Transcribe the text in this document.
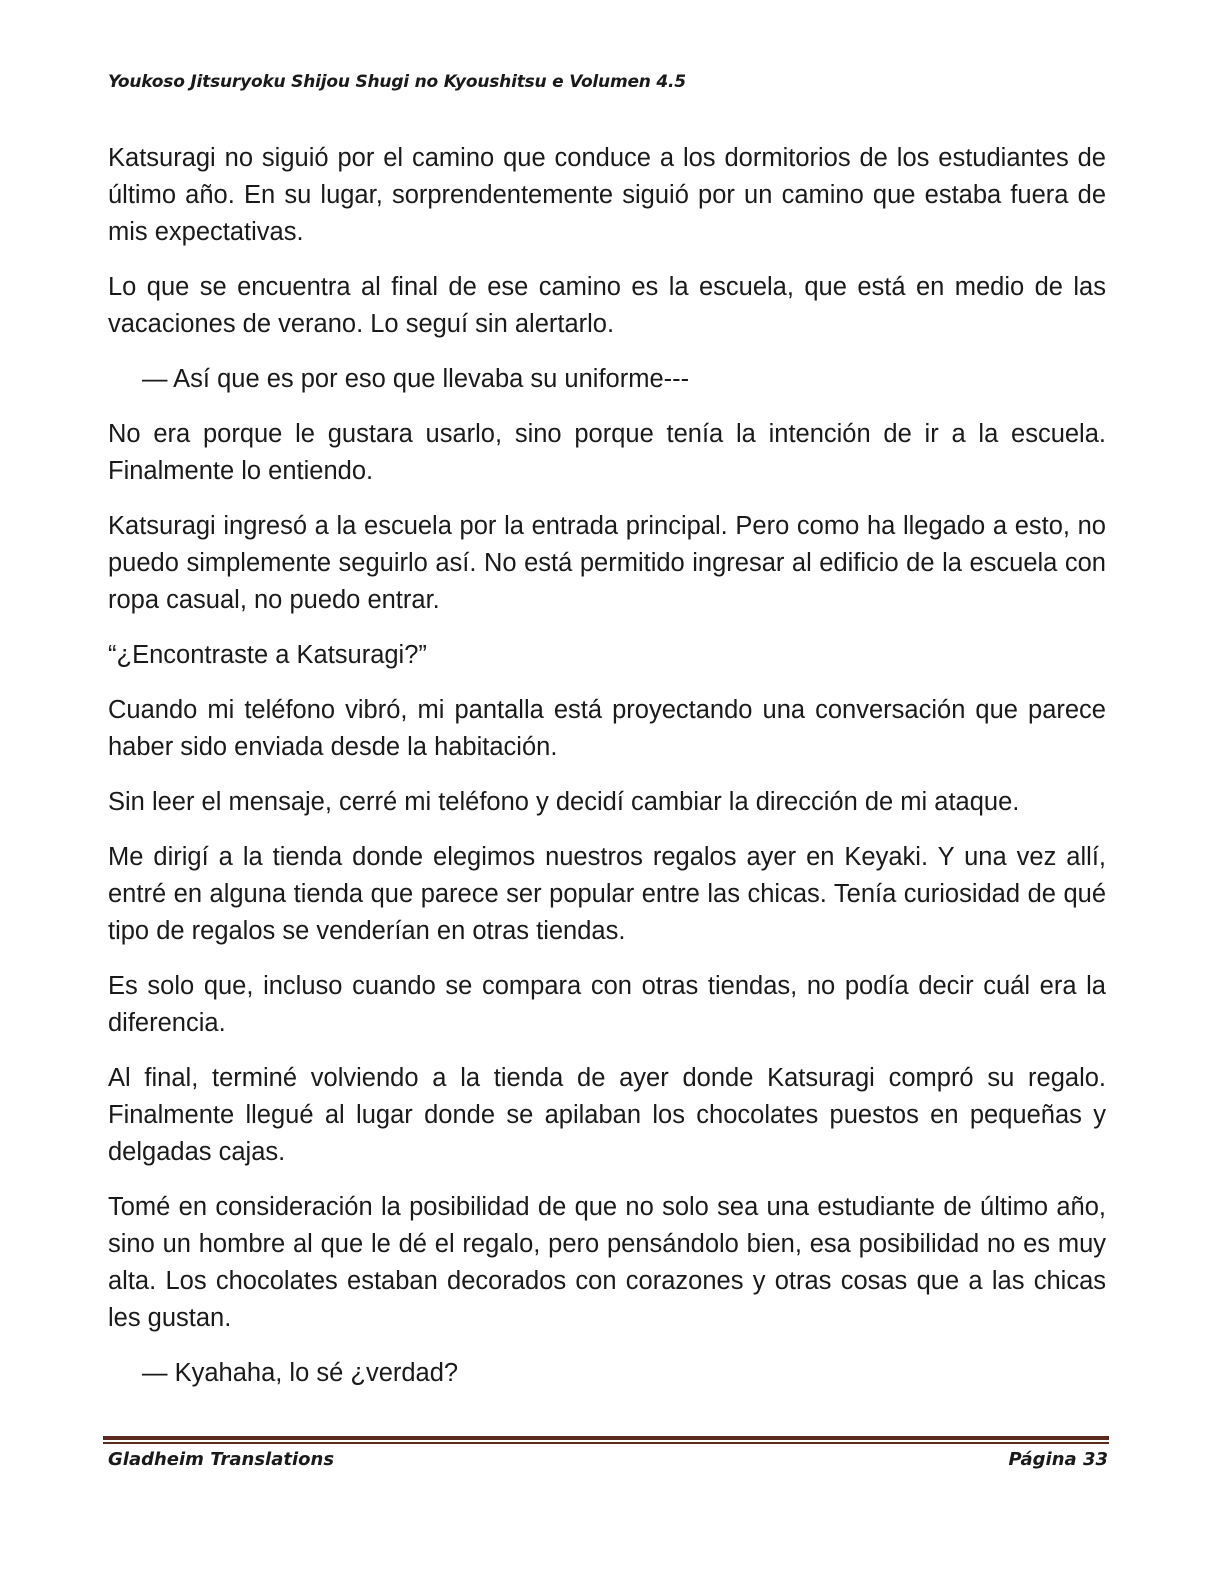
Youkoso Jitsuryoku Shijou Shugi no Kyoushitsu e Volumen 4.5

Katsuragi no siguió por el camino que conduce a los dormitorios de los estudiantes de último año. En su lugar, sorprendentemente siguió por un camino que estaba fuera de mis expectativas.

Lo que se encuentra al final de ese camino es la escuela, que está en medio de las vacaciones de verano. Lo seguí sin alertarlo.

— Así que es por eso que llevaba su uniforme---

No era porque le gustara usarlo, sino porque tenía la intención de ir a la escuela. Finalmente lo entiendo.

Katsuragi ingresó a la escuela por la entrada principal. Pero como ha llegado a esto, no puedo simplemente seguirlo así. No está permitido ingresar al edificio de la escuela con ropa casual, no puedo entrar.

“¿Encontraste a Katsuragi?”

Cuando mi teléfono vibró, mi pantalla está proyectando una conversación que parece haber sido enviada desde la habitación.

Sin leer el mensaje, cerré mi teléfono y decidí cambiar la dirección de mi ataque.

Me dirigí a la tienda donde elegimos nuestros regalos ayer en Keyaki. Y una vez allí, entré en alguna tienda que parece ser popular entre las chicas. Tenía curiosidad de qué tipo de regalos se venderían en otras tiendas.

Es solo que, incluso cuando se compara con otras tiendas, no podía decir cuál era la diferencia.

Al final, terminé volviendo a la tienda de ayer donde Katsuragi compró su regalo. Finalmente llegué al lugar donde se apilaban los chocolates puestos en pequeñas y delgadas cajas.

Tomé en consideración la posibilidad de que no solo sea una estudiante de último año, sino un hombre al que le dé el regalo, pero pensándolo bien, esa posibilidad no es muy alta. Los chocolates estaban decorados con corazones y otras cosas que a las chicas les gustan.

— Kyahaha, lo sé ¿verdad?

Gladheim Translations	Página 33
